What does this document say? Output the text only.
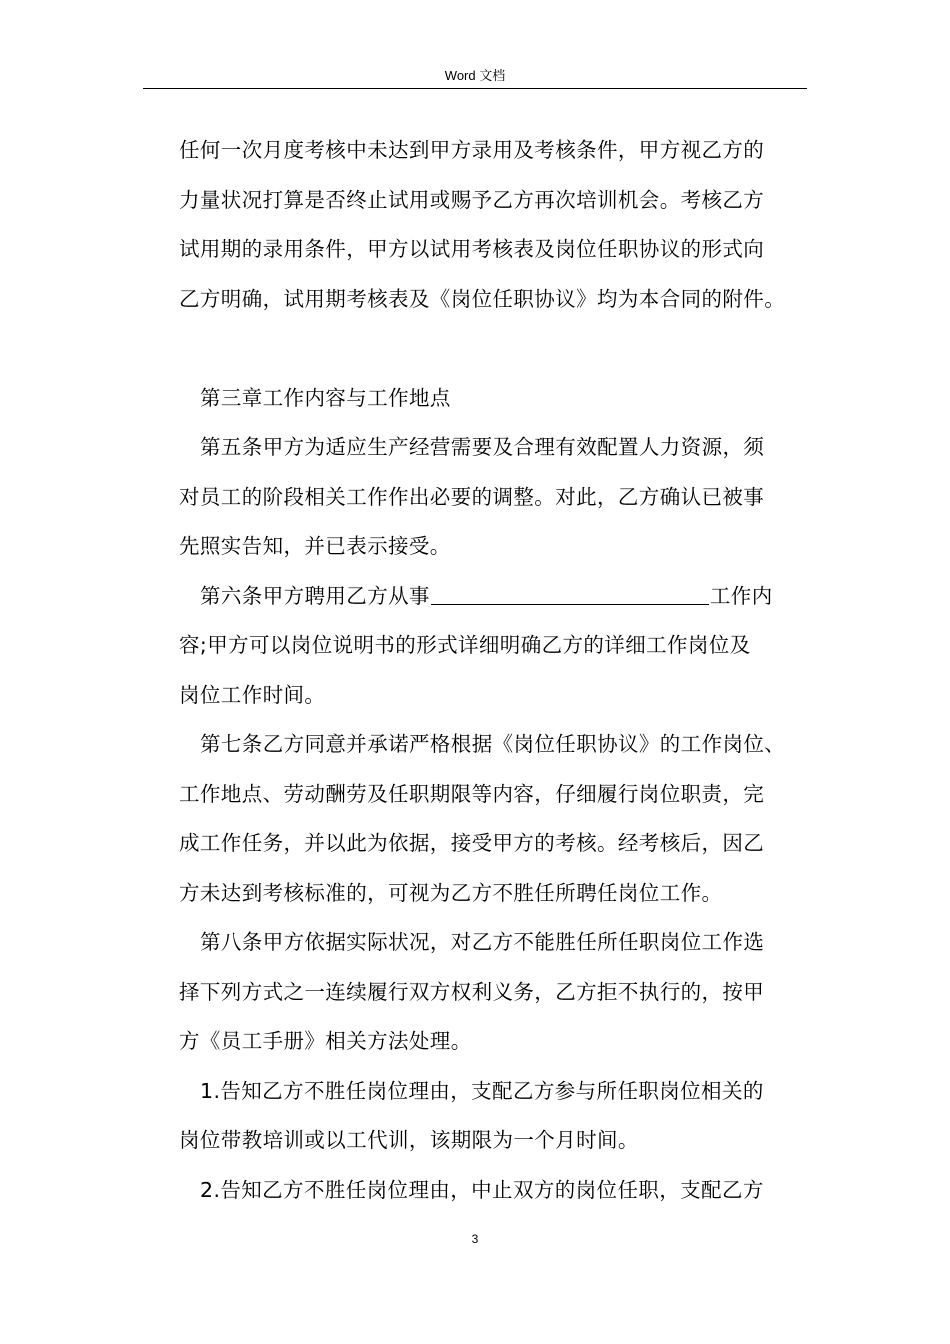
Word 文档
任何一次月度考核中未达到甲方录用及考核条件，甲方视乙方的
力量状况打算是否终止试用或赐予乙方再次培训机会。考核乙方
试用期的录用条件，甲方以试用考核表及岗位任职协议的形式向
乙方明确，试用期考核表及《岗位任职协议》均为本合同的附件。
第三章工作内容与工作地点
第五条甲方为适应生产经营需要及合理有效配置人力资源，须
对员工的阶段相关工作作出必要的调整。对此，乙方确认已被事
先照实告知，并已表示接受。
第六条甲方聘用乙方从事	工作内
容;甲方可以岗位说明书的形式详细明确乙方的详细工作岗位及
岗位工作时间。
第七条乙方同意并承诺严格根据《岗位任职协议》的工作岗位、
工作地点、劳动酬劳及任职期限等内容，仔细履行岗位职责，完
成工作任务，并以此为依据，接受甲方的考核。经考核后，因乙
方未达到考核标准的，可视为乙方不胜任所聘任岗位工作。
第八条甲方依据实际状况，对乙方不能胜任所任职岗位工作选
择下列方式之一连续履行双方权利义务，乙方拒不执行的，按甲
方《员工手册》相关方法处理。
1.告知乙方不胜任岗位理由，支配乙方参与所任职岗位相关的
岗位带教培训或以工代训，该期限为一个月时间。
2.告知乙方不胜任岗位理由，中止双方的岗位任职，支配乙方
3
